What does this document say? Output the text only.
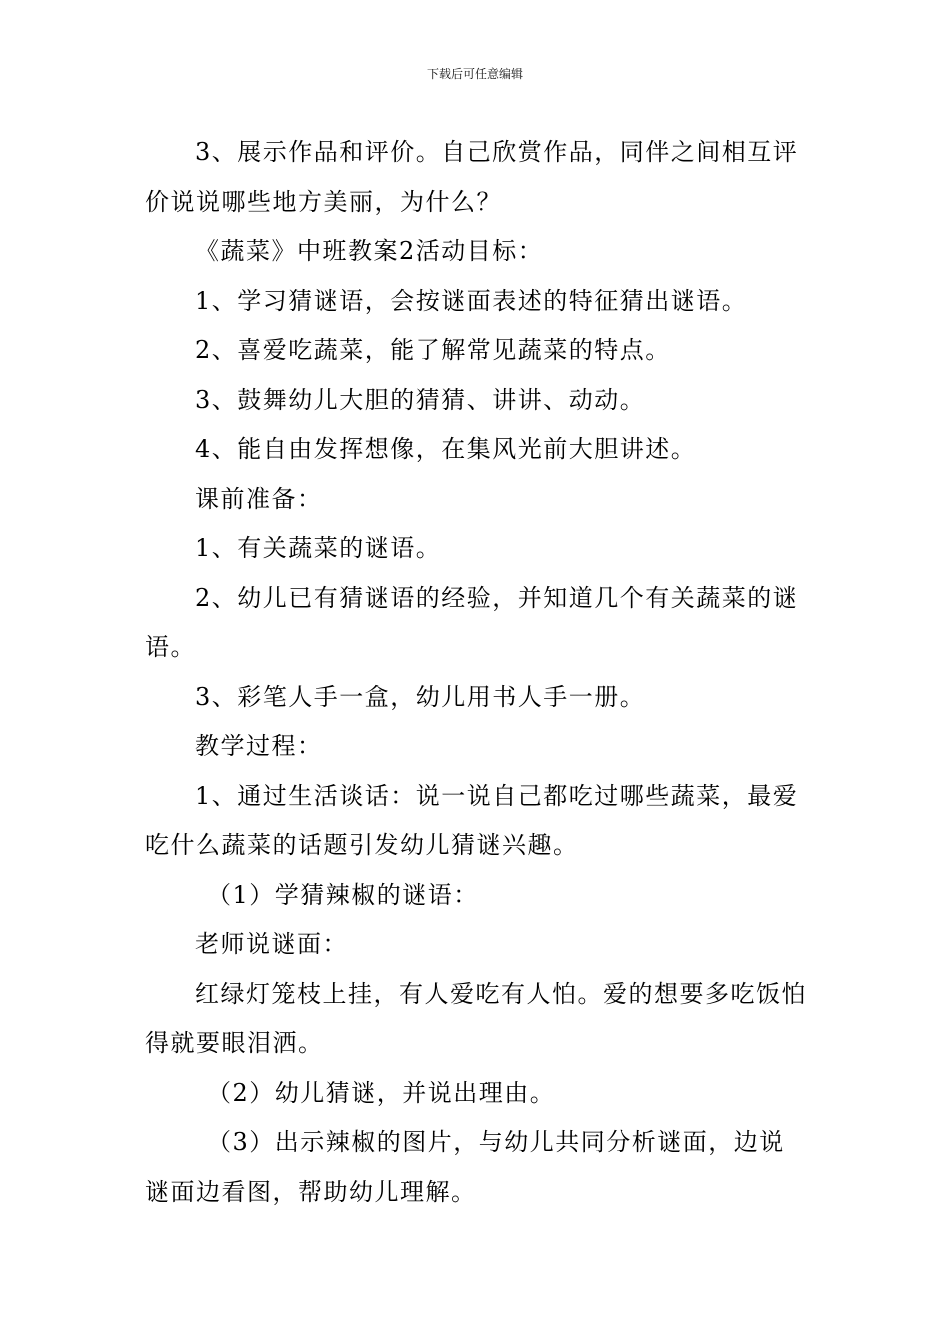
下载后可任意编辑

3、展示作品和评价。自己欣赏作品，同伴之间相互评价说说哪些地方美丽，为什么？

《蔬菜》中班教案2活动目标：

1、学习猜谜语，会按谜面表述的特征猜出谜语。

2、喜爱吃蔬菜，能了解常见蔬菜的特点。

3、鼓舞幼儿大胆的猜猜、讲讲、动动。

4、能自由发挥想像，在集风光前大胆讲述。

课前准备：

1、有关蔬菜的谜语。

2、幼儿已有猜谜语的经验，并知道几个有关蔬菜的谜语。

3、彩笔人手一盒，幼儿用书人手一册。

教学过程：

1、通过生活谈话：说一说自己都吃过哪些蔬菜，最爱吃什么蔬菜的话题引发幼儿猜谜兴趣。

（1）学猜辣椒的谜语：

老师说谜面：

红绿灯笼枝上挂，有人爱吃有人怕。爱的想要多吃饭怕得就要眼泪洒。

（2）幼儿猜谜，并说出理由。

（3）出示辣椒的图片，与幼儿共同分析谜面，边说谜面边看图，帮助幼儿理解。
